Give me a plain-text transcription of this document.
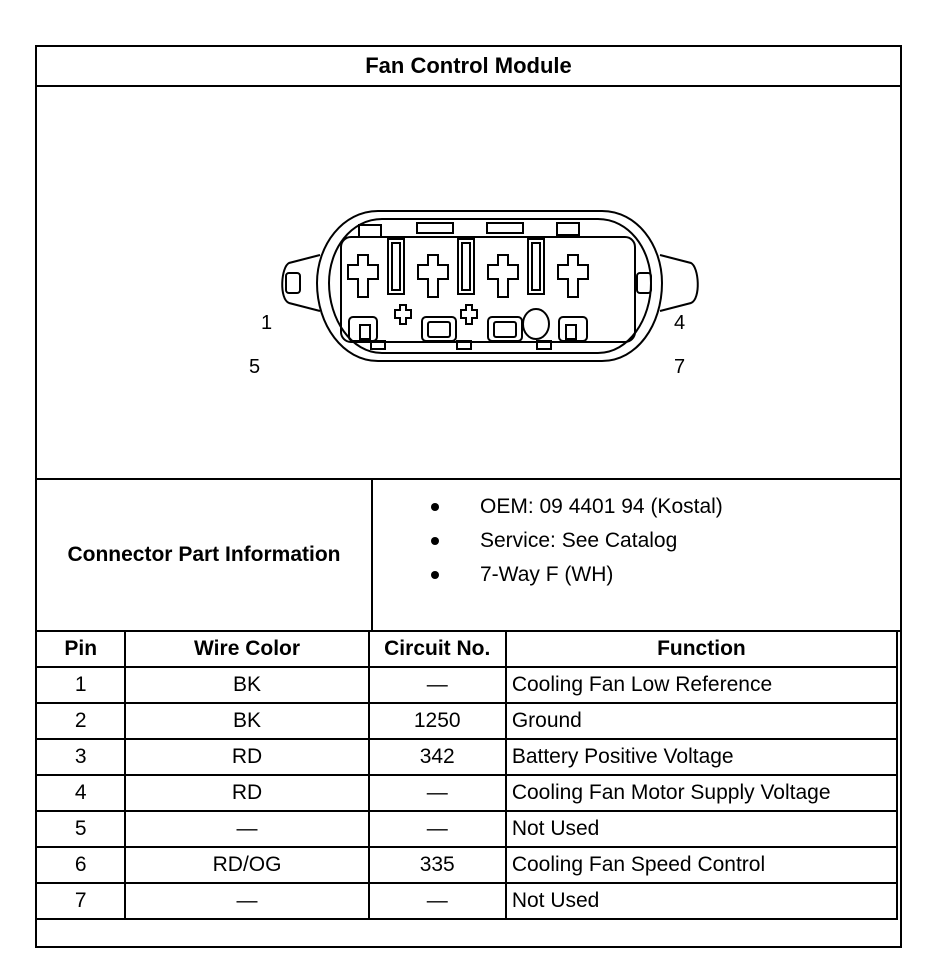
Fan Control Module
1
5
4
7
Connector Part Information
OEM: 09 4401 94 (Kostal)
Service: See Catalog
7-Way F (WH)
Pin	Wire Color	Circuit No.	Function
1	BK	—	Cooling Fan Low Reference
2	BK	1250	Ground
3	RD	342	Battery Positive Voltage
4	RD	—	Cooling Fan Motor Supply Voltage
5	—	—	Not Used
6	RD/OG	335	Cooling Fan Speed Control
7	—	—	Not Used
